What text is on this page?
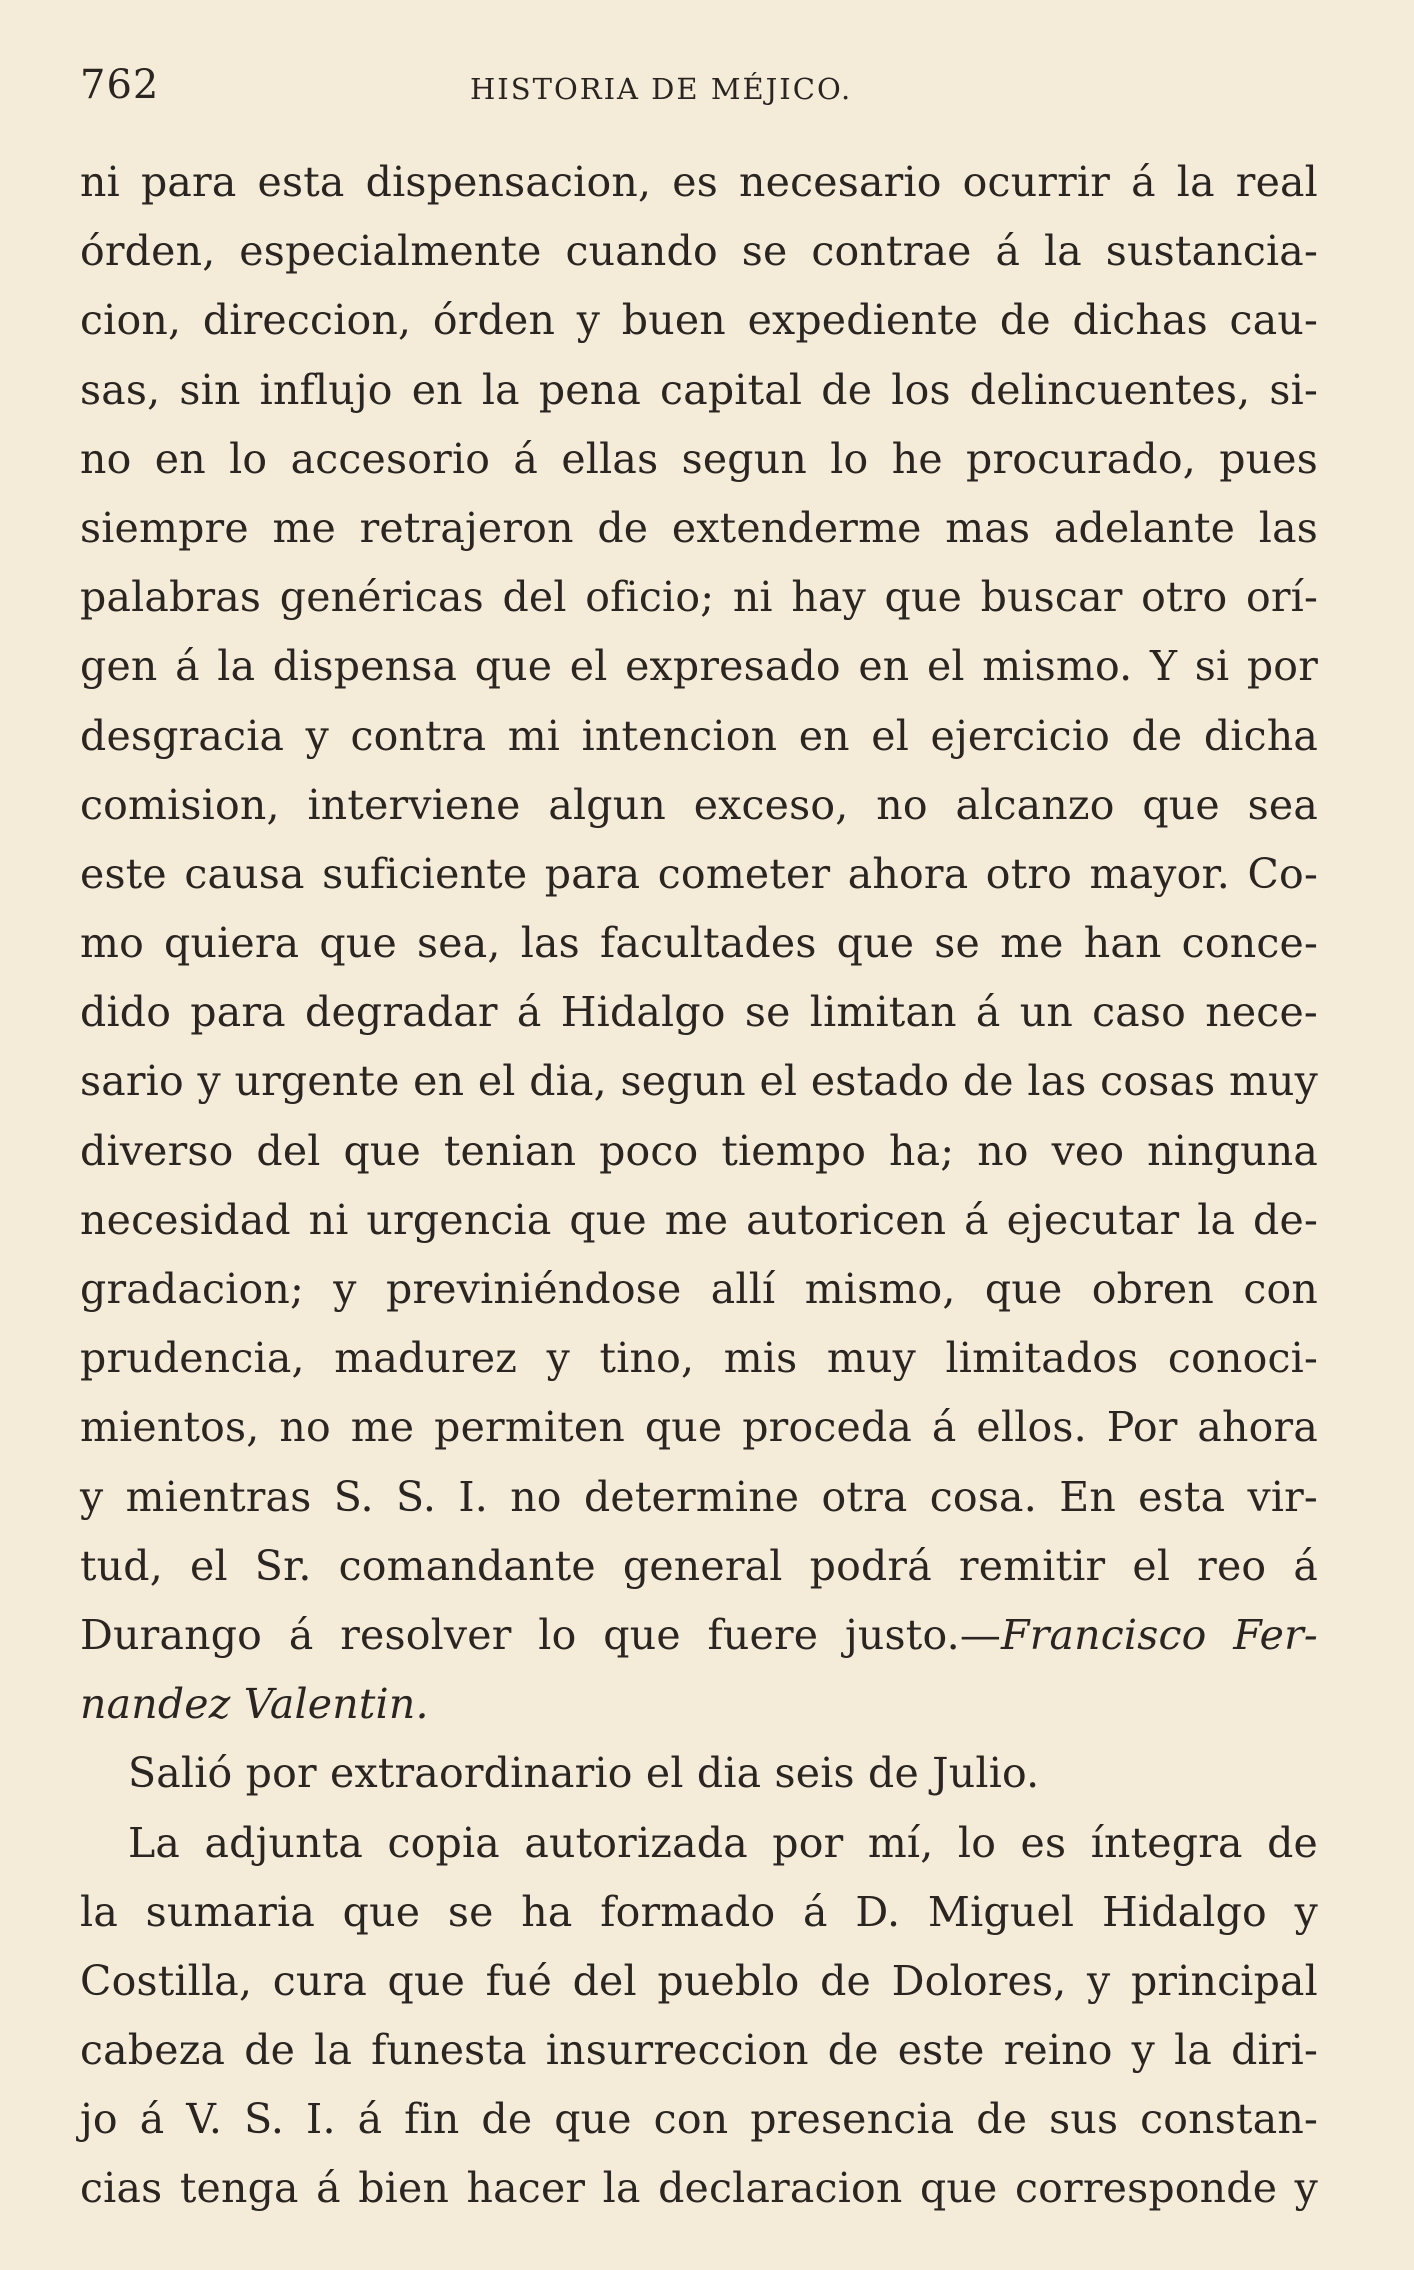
762	HISTORIA DE MÉJICO.
ni para esta dispensacion, es necesario ocurrir á la real
órden, especialmente cuando se contrae á la sustancia-
cion, direccion, órden y buen expediente de dichas cau-
sas, sin influjo en la pena capital de los delincuentes, si-
no en lo accesorio á ellas segun lo he procurado, pues
siempre me retrajeron de extenderme mas adelante las
palabras genéricas del oficio; ni hay que buscar otro orí-
gen á la dispensa que el expresado en el mismo. Y si por
desgracia y contra mi intencion en el ejercicio de dicha
comision, interviene algun exceso, no alcanzo que sea
este causa suficiente para cometer ahora otro mayor. Co-
mo quiera que sea, las facultades que se me han conce-
dido para degradar á Hidalgo se limitan á un caso nece-
sario y urgente en el dia, segun el estado de las cosas muy
diverso del que tenian poco tiempo ha; no veo ninguna
necesidad ni urgencia que me autoricen á ejecutar la de-
gradacion; y previniéndose allí mismo, que obren con
prudencia, madurez y tino, mis muy limitados conoci-
mientos, no me permiten que proceda á ellos. Por ahora
y mientras S. S. I. no determine otra cosa. En esta vir-
tud, el Sr. comandante general podrá remitir el reo á
Durango á resolver lo que fuere justo.—Francisco Fer-
nandez Valentin.
Salió por extraordinario el dia seis de Julio.
La adjunta copia autorizada por mí, lo es íntegra de
la sumaria que se ha formado á D. Miguel Hidalgo y
Costilla, cura que fué del pueblo de Dolores, y principal
cabeza de la funesta insurreccion de este reino y la diri-
jo á V. S. I. á fin de que con presencia de sus constan-
cias tenga á bien hacer la declaracion que corresponde y
